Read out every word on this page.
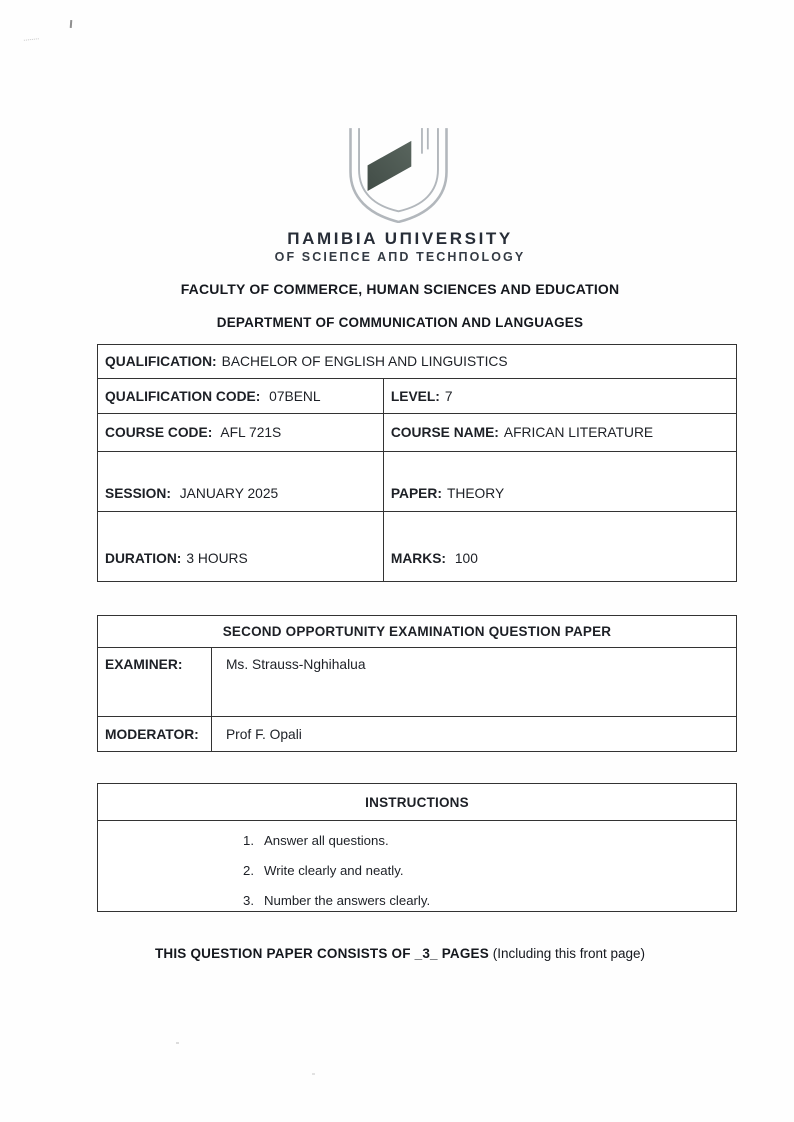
ΠAMIBIA UΠIVERSITY
OF SCIEΠCE AΠD TECHΠOLOGY
FACULTY OF COMMERCE, HUMAN SCIENCES AND EDUCATION
DEPARTMENT OF COMMUNICATION AND LANGUAGES
QUALIFICATION: BACHELOR OF ENGLISH AND LINGUISTICS
QUALIFICATION CODE: 07BENL	LEVEL: 7
COURSE CODE: AFL 721S	COURSE NAME: AFRICAN LITERATURE
SESSION: JANUARY 2025	PAPER: THEORY
DURATION: 3 HOURS	MARKS: 100
SECOND OPPORTUNITY EXAMINATION QUESTION PAPER
EXAMINER:	Ms. Strauss-Nghihalua
MODERATOR: Prof F. Opali
INSTRUCTIONS
1. Answer all questions.
2. Write clearly and neatly.
3. Number the answers clearly.
THIS QUESTION PAPER CONSISTS OF _3_ PAGES (Including this front page)
